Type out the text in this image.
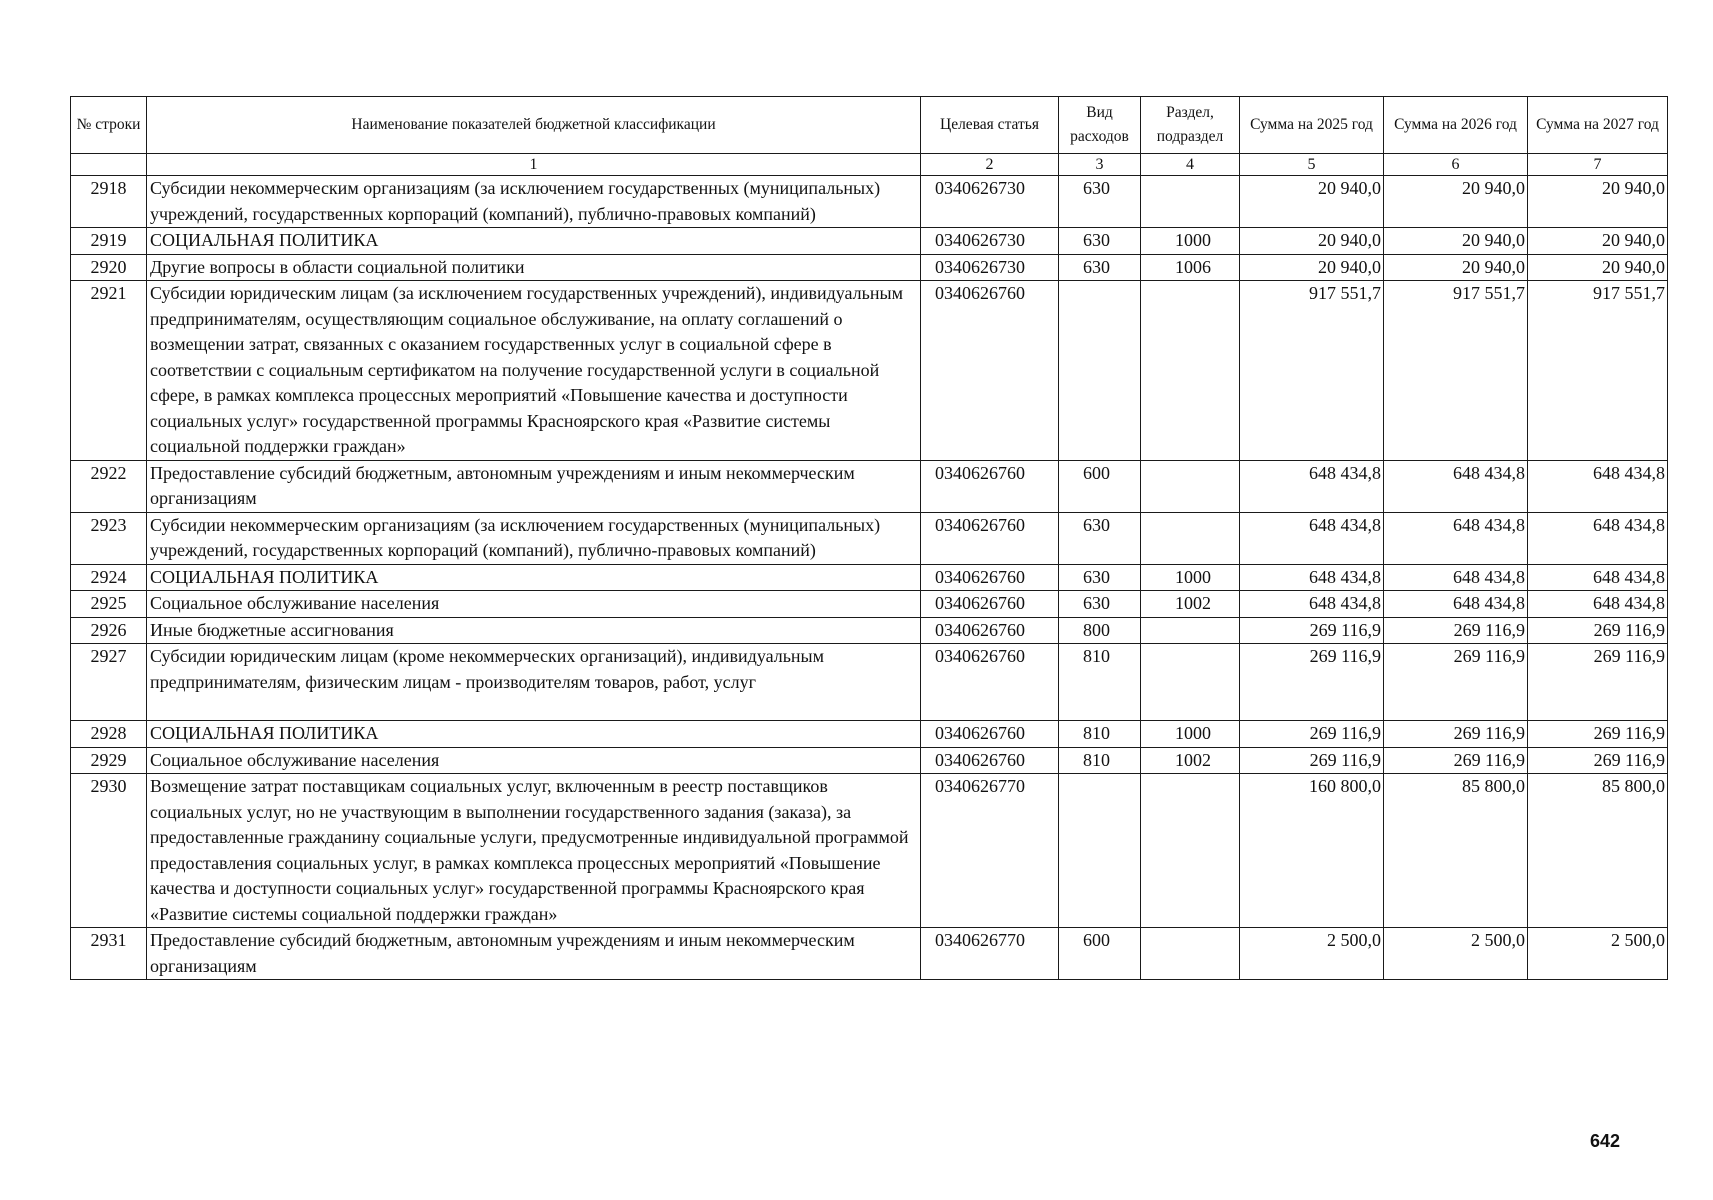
№ строки	Наименование показателей бюджетной классификации	Целевая статья	Вид расходов	Раздел, подраздел	Сумма на 2025 год	Сумма на 2026 год	Сумма на 2027 год
	1	2	3	4	5	6	7
2918	Субсидии некоммерческим организациям (за исключением государственных (муниципальных) учреждений, государственных корпораций (компаний), публично-правовых компаний)	0340626730	630		20 940,0	20 940,0	20 940,0
2919	СОЦИАЛЬНАЯ ПОЛИТИКА	0340626730	630	1000	20 940,0	20 940,0	20 940,0
2920	Другие вопросы в области социальной политики	0340626730	630	1006	20 940,0	20 940,0	20 940,0
2921	Субсидии юридическим лицам (за исключением государственных учреждений), индивидуальным предпринимателям, осуществляющим социальное обслуживание, на оплату соглашений о возмещении затрат, связанных с оказанием государственных услуг в социальной сфере в соответствии с социальным сертификатом на получение государственной услуги в социальной сфере, в рамках комплекса процессных мероприятий «Повышение качества и доступности социальных услуг» государственной программы Красноярского края «Развитие системы социальной поддержки граждан»	0340626760			917 551,7	917 551,7	917 551,7
2922	Предоставление субсидий бюджетным, автономным учреждениям и иным некоммерческим организациям	0340626760	600		648 434,8	648 434,8	648 434,8
2923	Субсидии некоммерческим организациям (за исключением государственных (муниципальных) учреждений, государственных корпораций (компаний), публично-правовых компаний)	0340626760	630		648 434,8	648 434,8	648 434,8
2924	СОЦИАЛЬНАЯ ПОЛИТИКА	0340626760	630	1000	648 434,8	648 434,8	648 434,8
2925	Социальное обслуживание населения	0340626760	630	1002	648 434,8	648 434,8	648 434,8
2926	Иные бюджетные ассигнования	0340626760	800		269 116,9	269 116,9	269 116,9
2927	Субсидии юридическим лицам (кроме некоммерческих организаций), индивидуальным предпринимателям, физическим лицам - производителям товаров, работ, услуг	0340626760	810		269 116,9	269 116,9	269 116,9
2928	СОЦИАЛЬНАЯ ПОЛИТИКА	0340626760	810	1000	269 116,9	269 116,9	269 116,9
2929	Социальное обслуживание населения	0340626760	810	1002	269 116,9	269 116,9	269 116,9
2930	Возмещение затрат поставщикам социальных услуг, включенным в реестр поставщиков социальных услуг, но не участвующим в выполнении государственного задания (заказа), за предоставленные гражданину социальные услуги, предусмотренные индивидуальной программой предоставления социальных услуг, в рамках комплекса процессных мероприятий «Повышение качества и доступности социальных услуг» государственной программы Красноярского края «Развитие системы социальной поддержки граждан»	0340626770			160 800,0	85 800,0	85 800,0
2931	Предоставление субсидий бюджетным, автономным учреждениям и иным некоммерческим организациям	0340626770	600		2 500,0	2 500,0	2 500,0
642
